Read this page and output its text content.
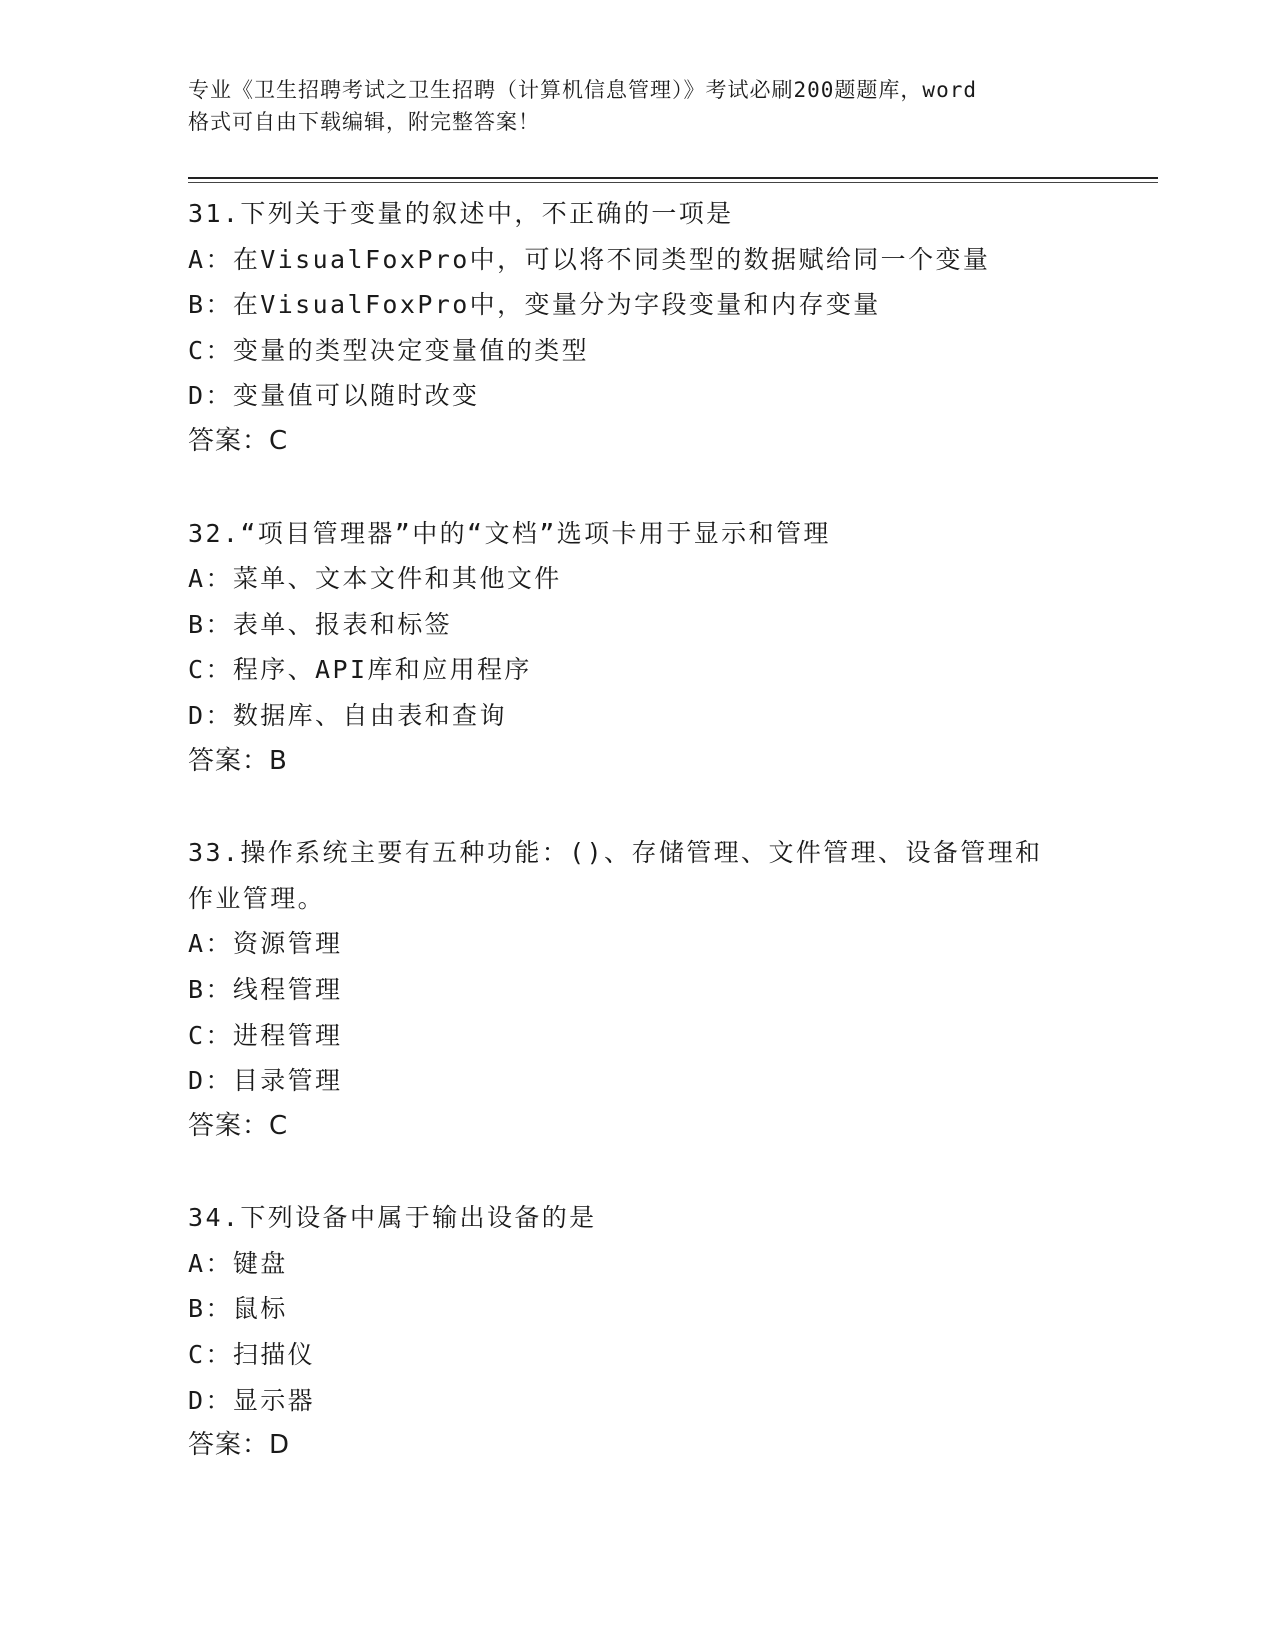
专业《卫生招聘考试之卫生招聘（计算机信息管理）》考试必刷200题题库，word
格式可自由下载编辑，附完整答案！
31.下列关于变量的叙述中，不正确的一项是
A：在VisualFoxPro中，可以将不同类型的数据赋给同一个变量
B：在VisualFoxPro中，变量分为字段变量和内存变量
C：变量的类型决定变量值的类型
D：变量值可以随时改变
答案：C
32.“项目管理器”中的“文档”选项卡用于显示和管理
A：菜单、文本文件和其他文件
B：表单、报表和标签
C：程序、API库和应用程序
D：数据库、自由表和查询
答案：B
33.操作系统主要有五种功能：()、存储管理、文件管理、设备管理和
作业管理。
A：资源管理
B：线程管理
C：进程管理
D：目录管理
答案：C
34.下列设备中属于输出设备的是
A：键盘
B：鼠标
C：扫描仪
D：显示器
答案：D
